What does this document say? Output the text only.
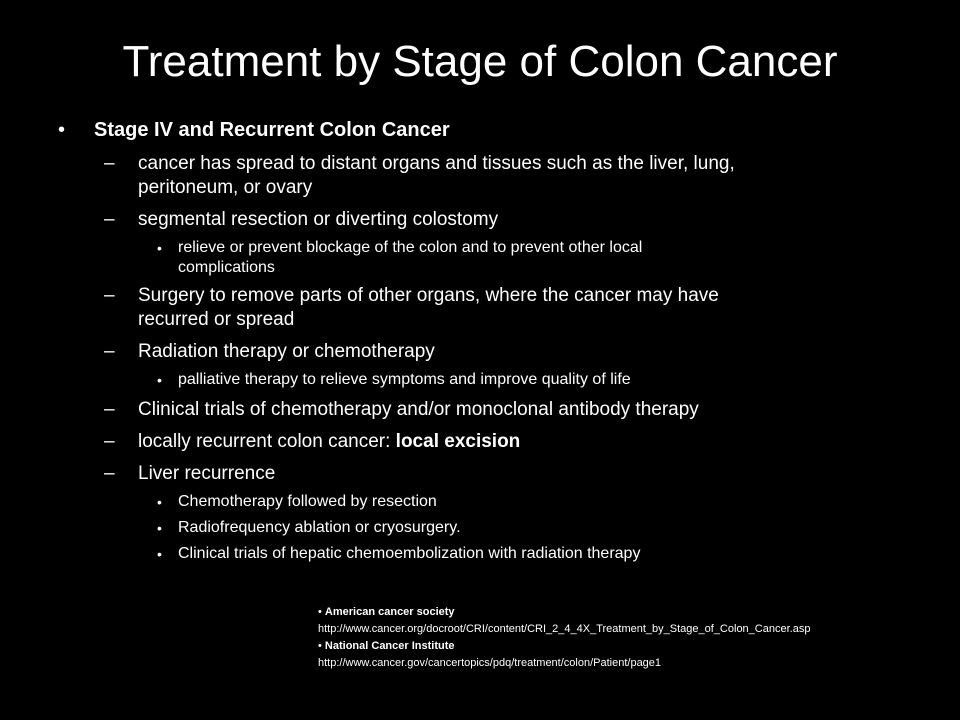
Treatment by Stage of Colon Cancer
• Stage IV and Recurrent Colon Cancer
– cancer has spread to distant organs and tissues such as the liver, lung,
peritoneum, or ovary
– segmental resection or diverting colostomy
• relieve or prevent blockage of the colon and to prevent other local
complications
– Surgery to remove parts of other organs, where the cancer may have
recurred or spread
– Radiation therapy or chemotherapy
• palliative therapy to relieve symptoms and improve quality of life
– Clinical trials of chemotherapy and/or monoclonal antibody therapy
– locally recurrent colon cancer: local excision
– Liver recurrence
• Chemotherapy followed by resection
• Radiofrequency ablation or cryosurgery.
• Clinical trials of hepatic chemoembolization with radiation therapy
• American cancer society
http://www.cancer.org/docroot/CRI/content/CRI_2_4_4X_Treatment_by_Stage_of_Colon_Cancer.asp
• National Cancer Institute
http://www.cancer.gov/cancertopics/pdq/treatment/colon/Patient/page1
